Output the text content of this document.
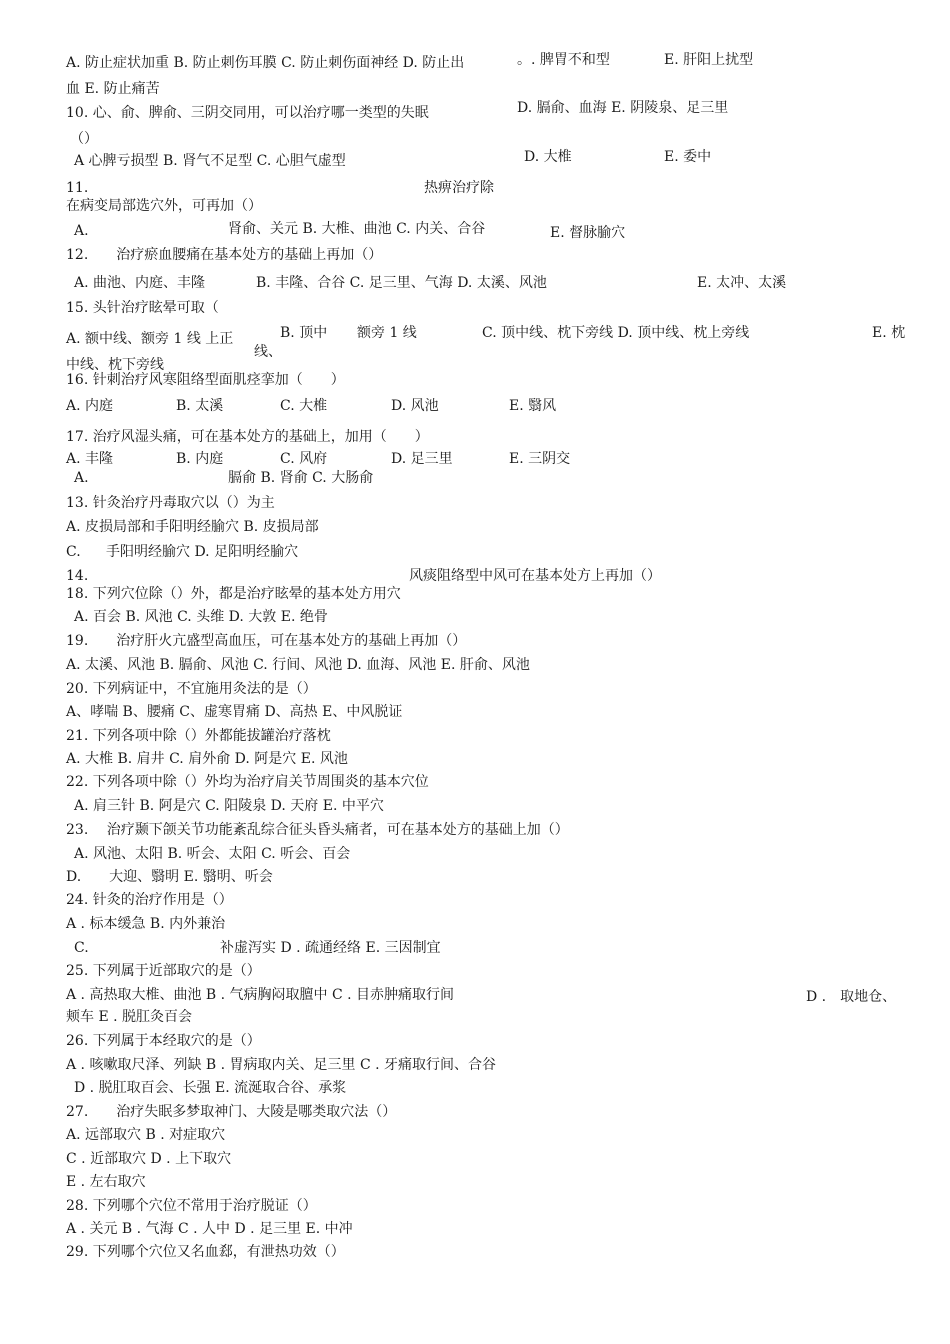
A. 防止症状加重 B. 防止刺伤耳膜 C. 防止刺伤面神经 D. 防止出	。. 脾胃不和型	E. 肝阳上扰型
血 E. 防止痛苦
10. 心、俞、脾俞、三阴交同用，可以治疗哪一类型的失眠	D. 膈俞、血海 E. 阴陵泉、足三里
（）
A 心脾亏损型 B. 肾气不足型 C. 心胆气虚型	D. 大椎	E. 委中
11.	热痹治疗除
在病变局部选穴外，可再加（）
A.	肾俞、关元 B. 大椎、曲池 C. 内关、合谷	E. 督脉腧穴
12.　　治疗瘀血腰痛在基本处方的基础上再加（）
A. 曲池、内庭、丰隆	B. 丰隆、合谷 C. 足三里、气海 D. 太溪、风池	E. 太冲、太溪
15. 头针治疗眩晕可取（
A. 额中线、额旁 1 线 上正	B. 顶中 额旁 1 线	C. 顶中线、枕下旁线 D. 顶中线、枕上旁线	E. 枕
线、
中线、枕下旁线
16. 针刺治疗风寒阻络型面肌痉挛加（　　）
A. 内庭	B. 太溪	C. 大椎	D. 风池	E. 翳风
17. 治疗风湿头痛，可在基本处方的基础上，加用（　　）
A. 丰隆	B. 内庭	C. 风府	D. 足三里	E. 三阴交
A.	膈俞 B. 肾俞 C. 大肠俞
13. 针灸治疗丹毒取穴以（）为主
A. 皮损局部和手阳明经腧穴 B. 皮损局部
C. 手阳明经腧穴 D. 足阳明经腧穴
14.	风痰阻络型中风可在基本处方上再加（）
18. 下列穴位除（）外，都是治疗眩晕的基本处方用穴
A. 百会 B. 风池 C. 头维 D. 大敦 E. 绝骨
19.　　治疗肝火亢盛型高血压，可在基本处方的基础上再加（）
A. 太溪、风池 B. 膈俞、风池 C. 行间、风池 D. 血海、风池 E. 肝俞、风池
20. 下列病证中，不宜施用灸法的是（）
A、哮喘 B、腰痛 C、虚寒胃痛 D、高热 E、中风脱证
21. 下列各项中除（）外都能拔罐治疗落枕
A. 大椎 B. 肩井 C. 肩外俞 D. 阿是穴 E. 风池
22. 下列各项中除（）外均为治疗肩关节周围炎的基本穴位
A. 肩三针 B. 阿是穴 C. 阳陵泉 D. 天府 E. 中平穴
23.　 治疗颞下颌关节功能紊乱综合征头昏头痛者，可在基本处方的基础上加（）
A. 风池、太阳 B. 听会、太阳 C. 听会、百会
D.　　大迎、翳明 E. 翳明、听会
24. 针灸的治疗作用是（）
A . 标本缓急 B. 内外兼治
C.	补虚泻实 D . 疏通经络 E. 三因制宜
25. 下列属于近部取穴的是（）
A . 高热取大椎、曲池 B . 气病胸闷取膻中 C . 目赤肿痛取行间	D .　取地仓、
颊车 E . 脱肛灸百会
26. 下列属于本经取穴的是（）
A . 咳嗽取尺泽、列缺 B . 胃病取内关、足三里 C . 牙痛取行间、合谷
D . 脱肛取百会、长强 E. 流涎取合谷、承浆
27.　　治疗失眠多梦取神门、大陵是哪类取穴法（）
A. 远部取穴 B . 对症取穴
C . 近部取穴 D . 上下取穴
E . 左右取穴
28. 下列哪个穴位不常用于治疗脱证（）
A . 关元 B . 气海 C . 人中 D . 足三里 E. 中冲
29. 下列哪个穴位又名血郄，有泄热功效（）
